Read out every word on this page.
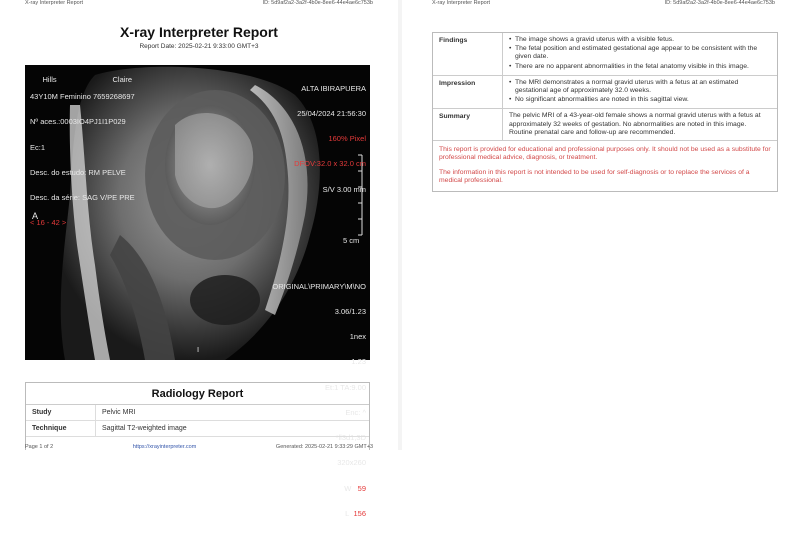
X-ray Interpreter Report	ID: 5d9af2a2-3a2f-4b0e-8ee6-44e4ae6c753b
X-ray Interpreter Report
Report Date: 2025-02-21 9:33:00 GMT+3

Hills	Claire

43Y10M Feminino 7659268697

Nº aces.:0003IO4PJ1I1P029

Ec:1

Desc. do estudo: RM PELVE

Desc. da série: SAG V/PE PRE

< 16 - 42 >

ALTA IBIRAPUERA

25/04/2024 21:56:30

160% Pixel

DFOV:32.0 x 32.0 cm

S/V 3.00 mm

A
5 cm

ORIGINAL\PRIMARY\M\NO

3.06/1.23

1nex

1.23

Et:1 TA:9.00

Enc: ^

*ll3d1,3D

320x260

W 59

L 156

I
Radiology Report
Study	Pelvic MRI
Technique	Sagittal T2-weighted image
Page 1 of 2	https://xrayinterpreter.com	Generated: 2025-02-21 9:33:29 GMT+3
X-ray Interpreter Report	ID: 5d9af2a2-3a2f-4b0e-8ee6-44e4ae6c753b
Findings	• The image shows a gravid uterus with a visible fetus.
• The fetal position and estimated gestational age appear to be consistent with the given date.
• There are no apparent abnormalities in the fetal anatomy visible in this image.
Impression	• The MRI demonstrates a normal gravid uterus with a fetus at an estimated gestational age of approximately 32.0 weeks.
• No significant abnormalities are noted in this sagittal view.
Summary	The pelvic MRI of a 43-year-old female shows a normal gravid uterus with a fetus at approximately 32 weeks of gestation. No abnormalities are noted in this image. Routine prenatal care and follow-up are recommended.

This report is provided for educational and professional purposes only. It should not be used as a substitute for professional medical advice, diagnosis, or treatment.

The information in this report is not intended to be used for self-diagnosis or to replace the services of a medical professional.
